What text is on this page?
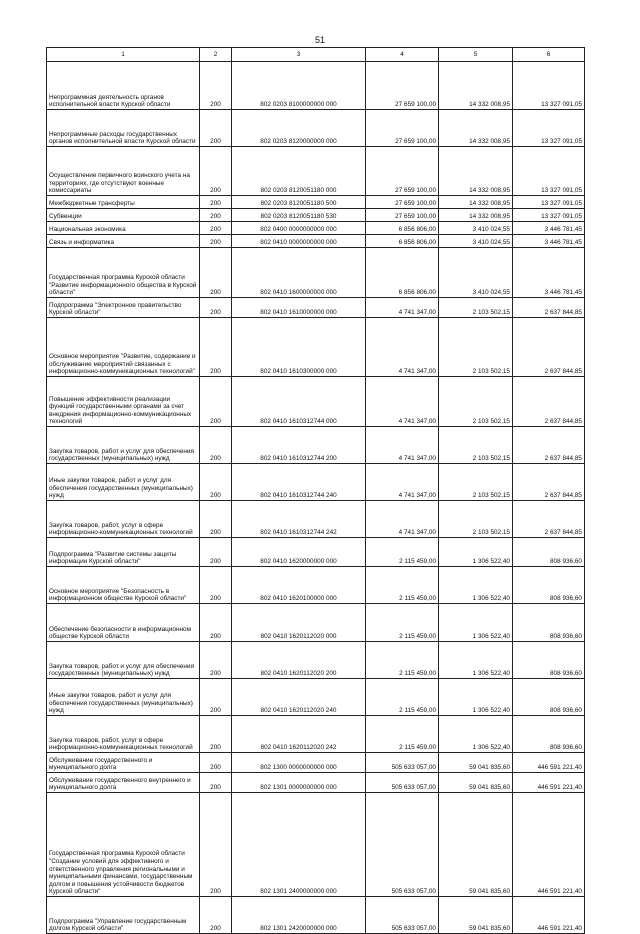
51
1	2	3	4	5	6
Непрограммная деятельность органов исполнительной власти Курской области	200	802 0203 8100000000 000	27 659 100,00	14 332 008,95	13 327 091,05
Непрограммные расходы государственных органов исполнительной власти Курской области	200	802 0203 8120000000 000	27 659 100,00	14 332 008,95	13 327 091,05
Осуществление первичного воинского учета на территориях, где отсутствуют военные комиссариаты	200	802 0203 8120051180 000	27 659 100,00	14 332 008,95	13 327 091,05
Межбюджетные трансферты	200	802 0203 8120051180 500	27 659 100,00	14 332 008,95	13 327 091,05
Субвенции	200	802 0203 8120051180 530	27 659 100,00	14 332 008,95	13 327 091,05
Национальная экономика	200	802 0400 0000000000 000	6 856 806,00	3 410 024,55	3 446 781,45
Связь и информатика	200	802 0410 0000000000 000	6 856 806,00	3 410 024,55	3 446 781,45
Государственная программа Курской области "Развитие информационного общества в Курской области"	200	802 0410 1600000000 000	6 856 806,00	3 410 024,55	3 446 781,45
Подпрограмма "Электронное правительство Курской области"	200	802 0410 1610000000 000	4 741 347,00	2 103 502,15	2 637 844,85
Основное мероприятие "Развитие, содержание и обслуживание мероприятий связанных с информационно-коммуникационных технологий"	200	802 0410 1610300000 000	4 741 347,00	2 103 502,15	2 637 844,85
Повышение эффективности реализации функций государственными органами за счет внедрения информационно-коммуникационных технологий	200	802 0410 1610312744 000	4 741 347,00	2 103 502,15	2 637 844,85
Закупка товаров, работ и услуг для обеспечения государственных (муниципальных) нужд	200	802 0410 1610312744 200	4 741 347,00	2 103 502,15	2 637 844,85
Иные закупки товаров, работ и услуг для обеспечения государственных (муниципальных) нужд	200	802 0410 1610312744 240	4 741 347,00	2 103 502,15	2 637 844,85
Закупка товаров, работ, услуг в сфере информационно-коммуникационных технологий	200	802 0410 1610312744 242	4 741 347,00	2 103 502,15	2 637 844,85
Подпрограмма "Развитие системы защиты информации Курской области"	200	802 0410 1620000000 000	2 115 459,00	1 306 522,40	808 936,60
Основное мероприятие "Безопасность в информационном обществе Курской области"	200	802 0410 1620100000 000	2 115 459,00	1 306 522,40	808 936,60
Обеспечение безопасности в информационном обществе Курской области	200	802 0410 1620112020 000	2 115 459,00	1 306 522,40	808 936,60
Закупка товаров, работ и услуг для обеспечения государственных (муниципальных) нужд	200	802 0410 1620112020 200	2 115 459,00	1 306 522,40	808 936,60
Иные закупки товаров, работ и услуг для обеспечения государственных (муниципальных) нужд	200	802 0410 1620112020 240	2 115 459,00	1 306 522,40	808 936,60
Закупка товаров, работ, услуг в сфере информационно-коммуникационных технологий	200	802 0410 1620112020 242	2 115 459,00	1 306 522,40	808 936,60
Обслуживание государственного и муниципального долга	200	802 1300 0000000000 000	505 633 057,00	59 041 835,60	446 591 221,40
Обслуживание государственного внутреннего и муниципального долга	200	802 1301 0000000000 000	505 633 057,00	59 041 835,60	446 591 221,40
Государственная программа Курской области "Создание условий для эффективного и ответственного управления региональными и муниципальными финансами, государственным долгом и повышения устойчивости бюджетов Курской области"	200	802 1301 2400000000 000	505 633 057,00	59 041 835,60	446 591 221,40
Подпрограмма "Управление государственным долгом Курской области"	200	802 1301 2420000000 000	505 633 057,00	59 041 835,60	446 591 221,40
